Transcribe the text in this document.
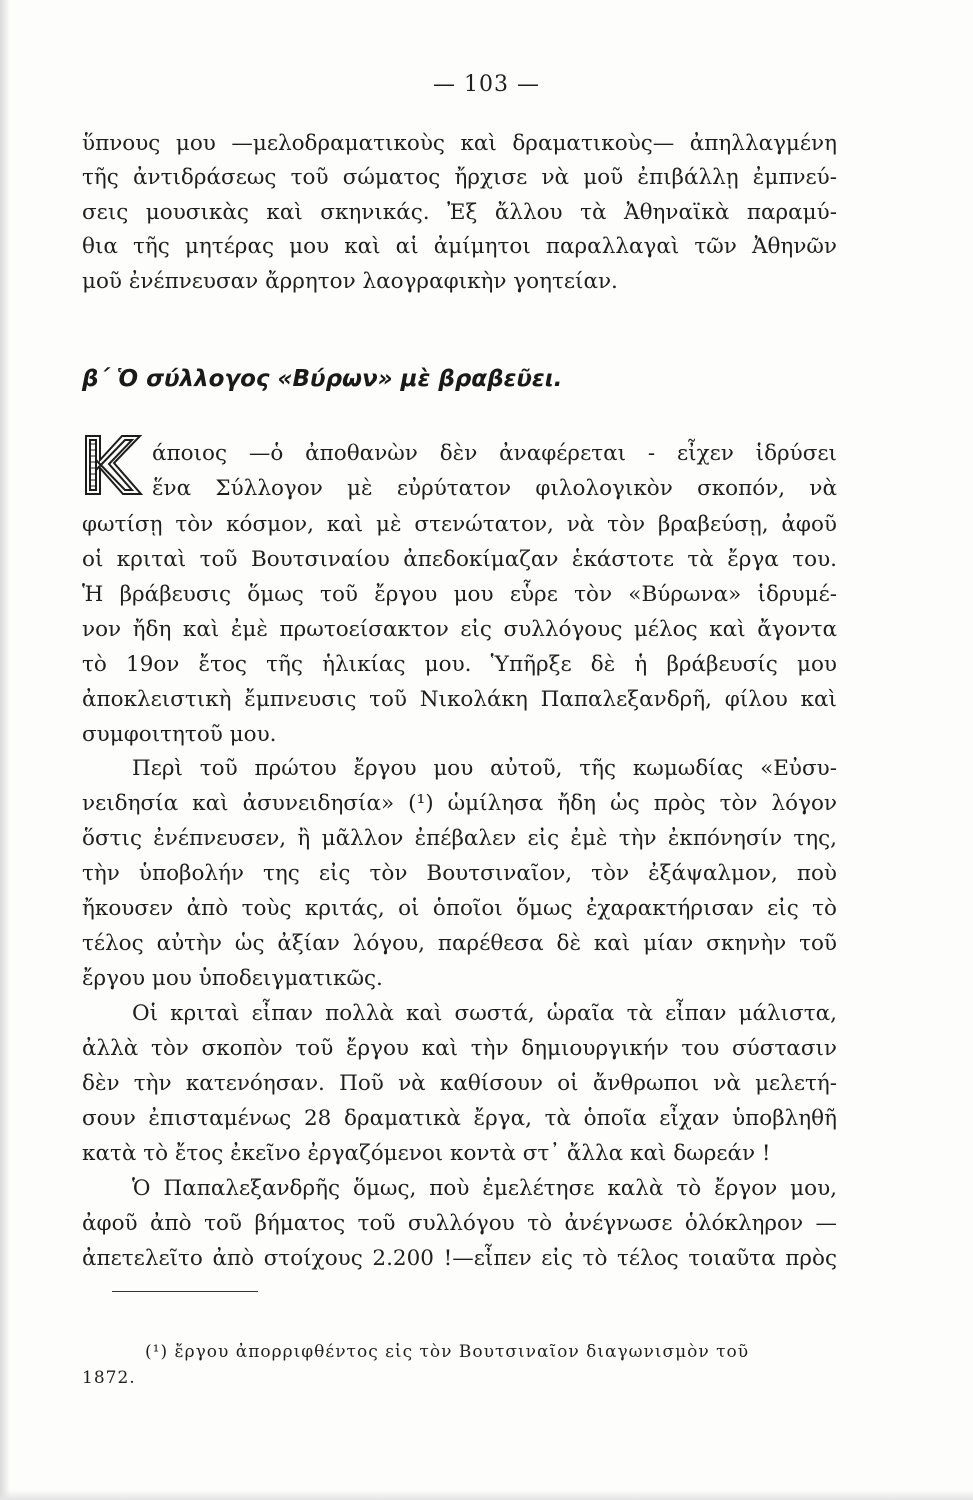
— 103 —
ὕπνους μου —μελοδραματικοὺς καὶ δραματικοὺς— ἀπηλλαγμένη
τῆς ἀντιδράσεως τοῦ σώματος ἤρχισε νὰ μοῦ ἐπιβάλλῃ ἐμπνεύ-
σεις μουσικὰς καὶ σκηνικάς. Ἐξ ἄλλου τὰ Ἀθηναϊκὰ παραμύ-
θια τῆς μητέρας μου καὶ αἱ ἀμίμητοι παραλλαγαὶ τῶν Ἀθηνῶν
μοῦ ἐνέπνευσαν ἄρρητον λαογραφικὴν γοητείαν.
β΄ Ὁ σύλλογος «Βύρων» μὲ βραβεῦει.
άποιος —ὁ ἀποθανὼν δὲν ἀναφέρεται - εἶχεν ἱδρύσει
ἕνα Σύλλογον μὲ εὐρύτατον φιλολογικὸν σκοπόν, νὰ
φωτίσῃ τὸν κόσμον, καὶ μὲ στενώτατον, νὰ τὸν βραβεύσῃ, ἀφοῦ
οἱ κριταὶ τοῦ Βουτσιναίου ἀπεδοκίμαζαν ἑκάστοτε τὰ ἔργα του.
Ἡ βράβευσις ὅμως τοῦ ἔργου μου εὗρε τὸν «Βύρωνα» ἱδρυμέ-
νον ἤδη καὶ ἐμὲ πρωτοείσακτον εἰς συλλόγους μέλος καὶ ἄγοντα
τὸ 19ον ἔτος τῆς ἡλικίας μου. Ὑπῆρξε δὲ ἡ βράβευσίς μου
ἀποκλειστικὴ ἔμπνευσις τοῦ Νικολάκη Παπαλεξανδρῆ, φίλου καὶ
συμφοιτητοῦ μου.
Περὶ τοῦ πρώτου ἔργου μου αὐτοῦ, τῆς κωμωδίας «Εὐσυ-
νειδησία καὶ ἀσυνειδησία» (¹) ὡμίλησα ἤδη ὡς πρὸς τὸν λόγον
ὅστις ἐνέπνευσεν, ἢ μᾶλλον ἐπέβαλεν εἰς ἐμὲ τὴν ἐκπόνησίν της,
τὴν ὑποβολήν της εἰς τὸν Βουτσιναῖον, τὸν ἐξάψαλμον, ποὺ
ἤκουσεν ἀπὸ τοὺς κριτάς, οἱ ὁποῖοι ὅμως ἐχαρακτήρισαν εἰς τὸ
τέλος αὐτὴν ὡς ἀξίαν λόγου, παρέθεσα δὲ καὶ μίαν σκηνὴν τοῦ
ἔργου μου ὑποδειγματικῶς.
Οἱ κριταὶ εἶπαν πολλὰ καὶ σωστά, ὡραῖα τὰ εἶπαν μάλιστα,
ἀλλὰ τὸν σκοπὸν τοῦ ἔργου καὶ τὴν δημιουργικήν του σύστασιν
δὲν τὴν κατενόησαν. Ποῦ νὰ καθίσουν οἱ ἄνθρωποι νὰ μελετή-
σουν ἐπισταμένως 28 δραματικὰ ἔργα, τὰ ὁποῖα εἶχαν ὑποβληθῆ
κατὰ τὸ ἔτος ἐκεῖνο ἐργαζόμενοι κοντὰ στ᾽ ἄλλα καὶ δωρεάν !
Ὁ Παπαλεξανδρῆς ὅμως, ποὺ ἐμελέτησε καλὰ τὸ ἔργον μου,
ἀφοῦ ἀπὸ τοῦ βήματος τοῦ συλλόγου τὸ ἀνέγνωσε ὁλόκληρον —
ἀπετελεῖτο ἀπὸ στοίχους 2.200 !—εἶπεν εἰς τὸ τέλος τοιαῦτα πρὸς
(¹) ἔργου ἀπορριφθέντος εἰς τὸν Βουτσιναῖον διαγωνισμὸν τοῦ
1872.
